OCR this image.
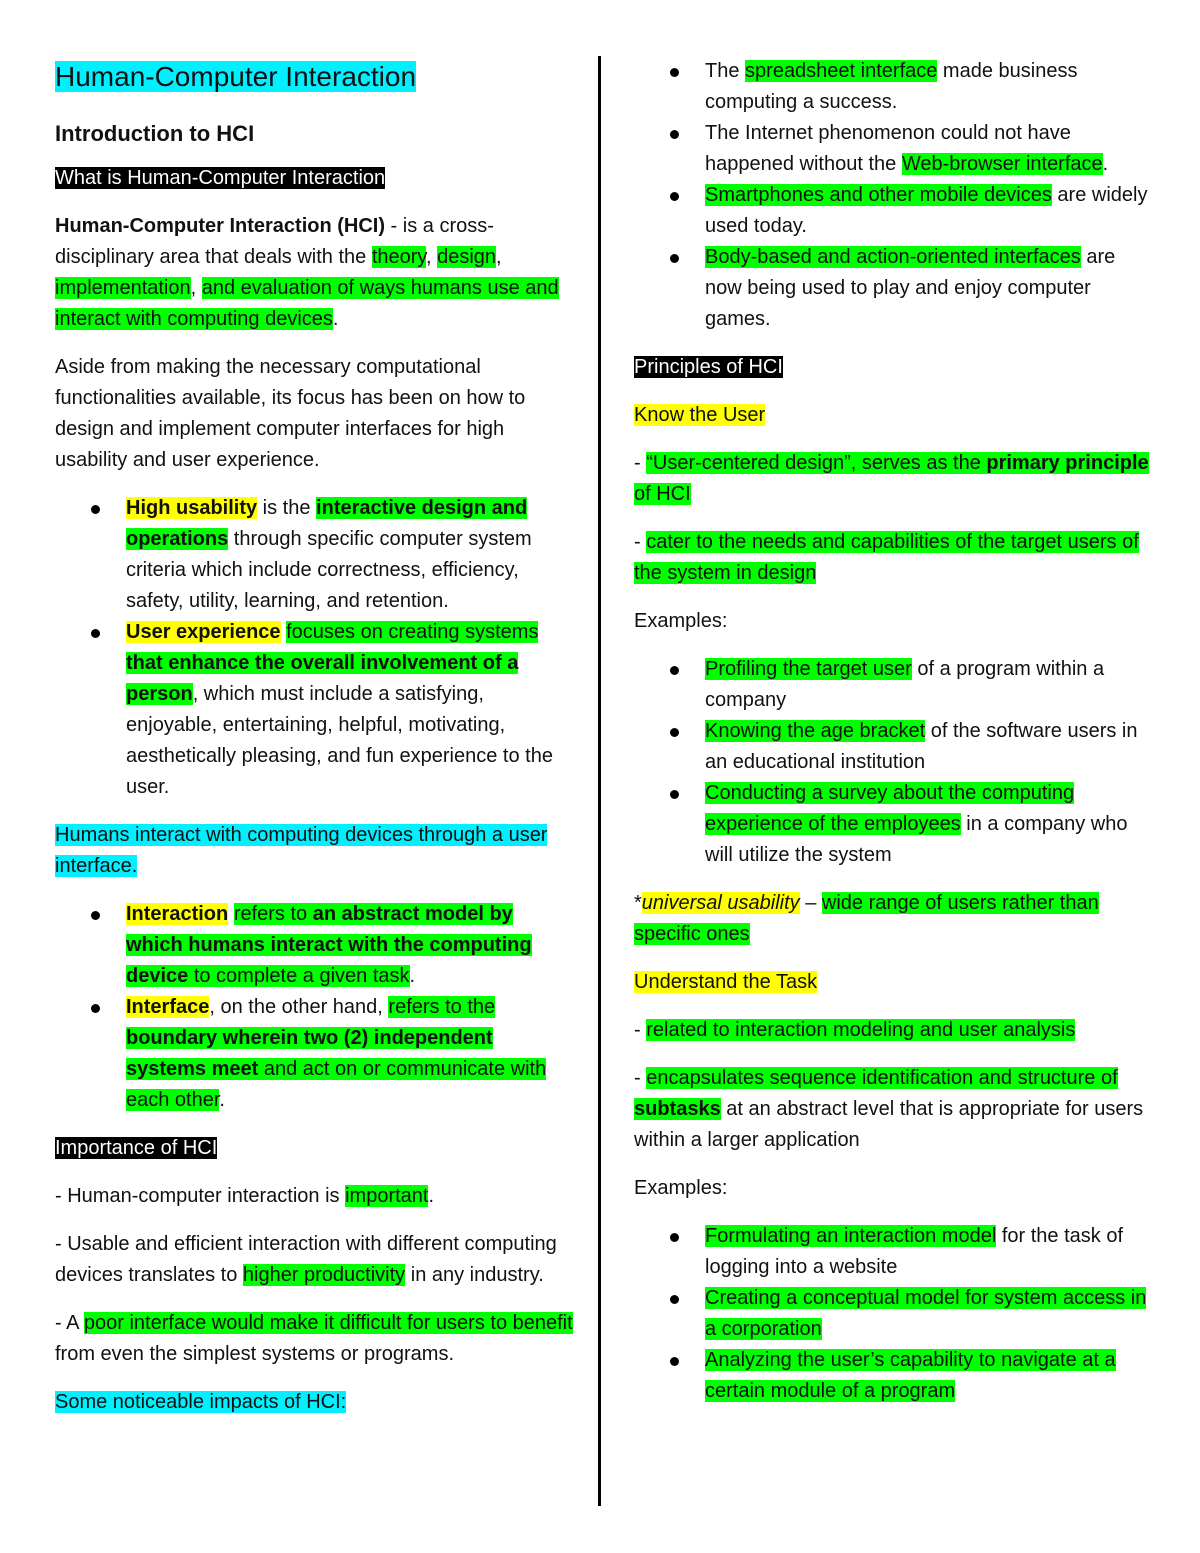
Human-Computer Interaction

Introduction to HCI

What is Human-Computer Interaction

Human-Computer Interaction (HCI) - is a cross-disciplinary area that deals with the theory, design, implementation, and evaluation of ways humans use and interact with computing devices.

Aside from making the necessary computational functionalities available, its focus has been on how to design and implement computer interfaces for high usability and user experience.

High usability is the interactive design and operations through specific computer system criteria which include correctness, efficiency, safety, utility, learning, and retention.
User experience focuses on creating systems that enhance the overall involvement of a person, which must include a satisfying, enjoyable, entertaining, helpful, motivating, aesthetically pleasing, and fun experience to the user.

Humans interact with computing devices through a user interface.

Interaction refers to an abstract model by which humans interact with the computing device to complete a given task.
Interface, on the other hand, refers to the boundary wherein two (2) independent systems meet and act on or communicate with each other.

Importance of HCI

- Human-computer interaction is important.

- Usable and efficient interaction with different computing devices translates to higher productivity in any industry.

- A poor interface would make it difficult for users to benefit from even the simplest systems or programs.

Some noticeable impacts of HCI:

The spreadsheet interface made business computing a success.
The Internet phenomenon could not have happened without the Web-browser interface.
Smartphones and other mobile devices are widely used today.
Body-based and action-oriented interfaces are now being used to play and enjoy computer games.

Principles of HCI

Know the User

- “User-centered design”, serves as the primary principle of HCI

- cater to the needs and capabilities of the target users of the system in design

Examples:

Profiling the target user of a program within a company
Knowing the age bracket of the software users in an educational institution
Conducting a survey about the computing experience of the employees in a company who will utilize the system

*universal usability – wide range of users rather than specific ones

Understand the Task

- related to interaction modeling and user analysis

- encapsulates sequence identification and structure of subtasks at an abstract level that is appropriate for users within a larger application

Examples:

Formulating an interaction model for the task of logging into a website
Creating a conceptual model for system access in a corporation
Analyzing the user’s capability to navigate at a certain module of a program
